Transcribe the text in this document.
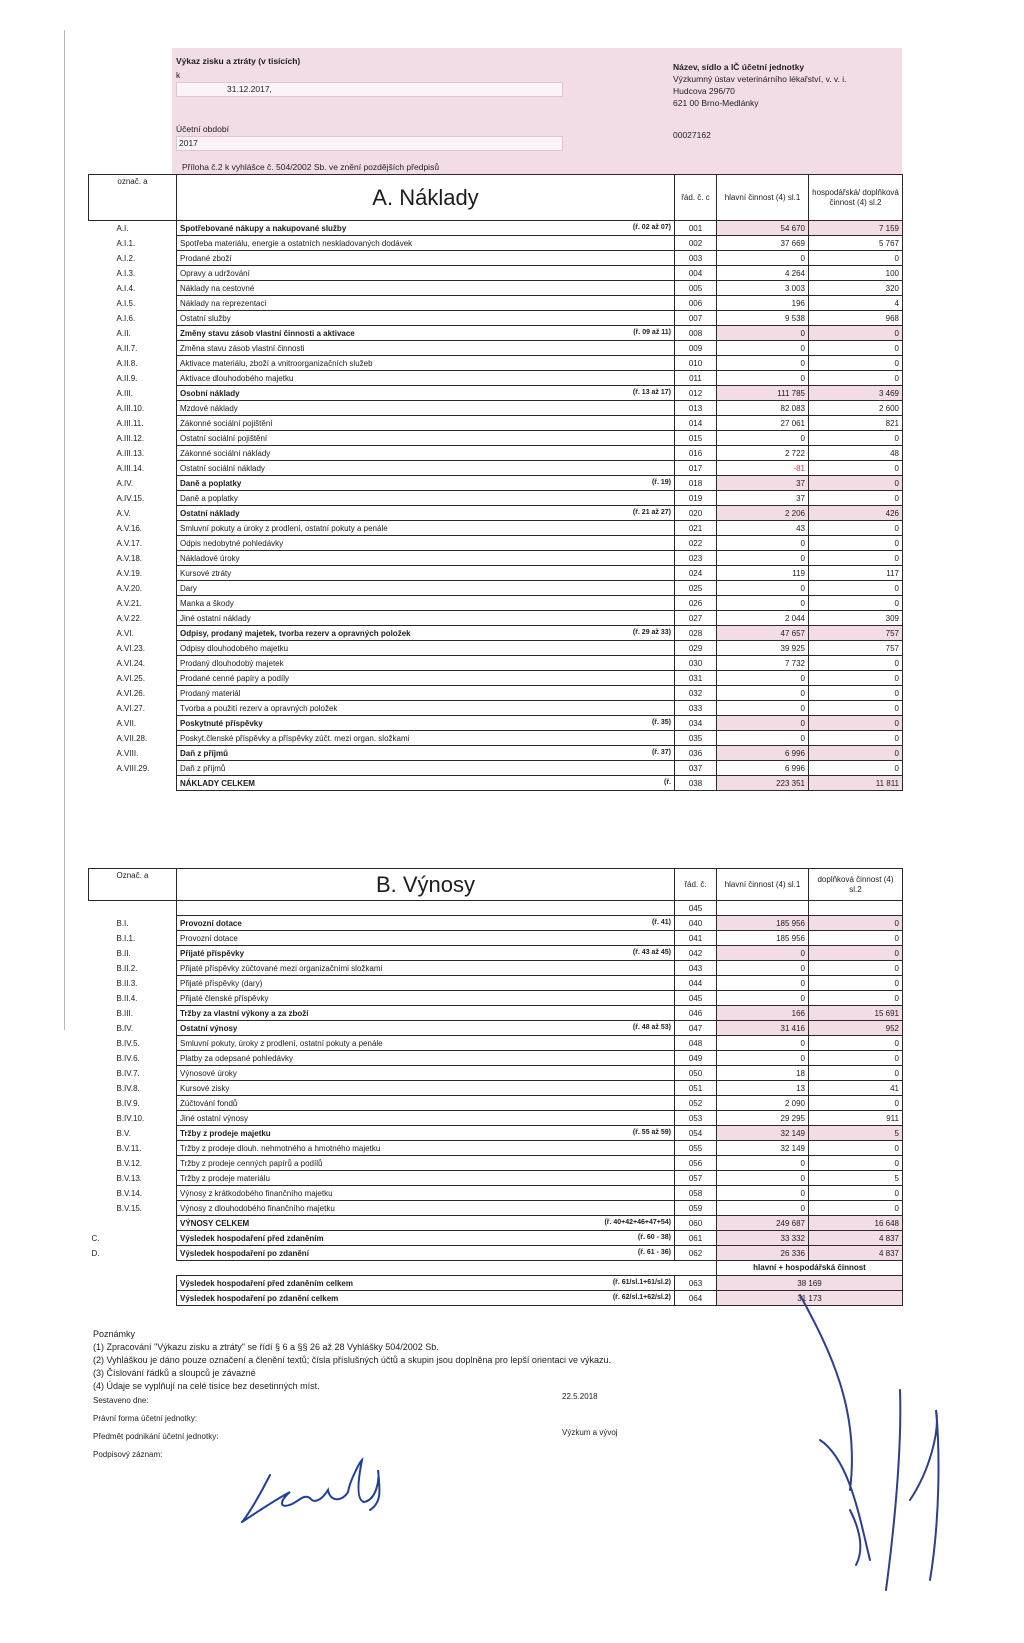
Výkaz zisku a ztráty (v tisících)
k
31.12.2017,
Účetní období
2017
Příloha č.2 k vyhlášce č. 504/2002 Sb. ve znění pozdějších předpisů
Název, sídlo a IČ účetní jednotky
Výzkumný ústav veterinárního lékařství, v. v. i.
Hudcova 296/70
621 00 Brno-Medlánky
00027162
označ. a	A. Náklady	řád. č. c	hlavní činnost (4) sl.1	hospodářská/ doplňková činnost (4) sl.2
A.I.	Spotřebované nákupy a nakupované služby (ř. 02 až 07)	001	54 670	7 159
A.I.1.	Spotřeba materiálu, energie a ostatních neskladovaných dodávek	002	37 669	5 767
A.I.2.	Prodané zboží	003	0	0
A.I.3.	Opravy a udržování	004	4 264	100
A.I.4.	Náklady na cestovné	005	3 003	320
A.I.5.	Náklady na reprezentaci	006	196	4
A.I.6.	Ostatní služby	007	9 538	968
A.II.	Změny stavu zásob vlastní činnosti a aktivace (ř. 09 až 11)	008	0	0
A.II.7.	Změna stavu zásob vlastní činnosti	009	0	0
A.II.8.	Aktivace materiálu, zboží a vnitroorganizačních služeb	010	0	0
A.II.9.	Aktivace dlouhodobého majetku	011	0	0
A.III.	Osobní náklady (ř. 13 až 17)	012	111 785	3 469
A.III.10.	Mzdové náklady	013	82 083	2 600
A.III.11.	Zákonné sociální pojištění	014	27 061	821
A.III.12.	Ostatní sociální pojištění	015	0	0
A.III.13.	Zákonné sociální náklady	016	2 722	48
A.III.14.	Ostatní sociální náklady	017	-81	0
A.IV.	Daně a poplatky (ř. 19)	018	37	0
A.IV.15.	Daně a poplatky	019	37	0
A.V.	Ostatní náklady (ř. 21 až 27)	020	2 206	426
A.V.16.	Smluvní pokuty a úroky z prodlení, ostatní pokuty a penále	021	43	0
A.V.17.	Odpis nedobytné pohledávky	022	0	0
A.V.18.	Nákladové úroky	023	0	0
A.V.19.	Kursové ztráty	024	119	117
A.V.20.	Dary	025	0	0
A.V.21.	Manka a škody	026	0	0
A.V.22.	Jiné ostatní náklady	027	2 044	309
A.VI.	Odpisy, prodaný majetek, tvorba rezerv a opravných položek (ř. 29 až 33)	028	47 657	757
A.VI.23.	Odpisy dlouhodobého majetku	029	39 925	757
A.VI.24.	Prodaný dlouhodobý majetek	030	7 732	0
A.VI.25.	Prodané cenné papíry a podíly	031	0	0
A.VI.26.	Prodaný materiál	032	0	0
A.VI.27.	Tvorba a použití rezerv a opravných položek	033	0	0
A.VII.	Poskytnuté příspěvky (ř. 35)	034	0	0
A.VII.28.	Poskyt.členské příspěvky a příspěvky zúčt. mezi organ. složkami	035	0	0
A.VIII.	Daň z příjmů (ř. 37)	036	6 996	0
A.VIII.29.	Daň z příjmů	037	6 996	0
	NÁKLADY CELKEM (ř.	038	223 351	11 811
Označ. a	B. Výnosy	řád. č.	hlavní činnost (4) sl.1	doplňková činnost (4) sl.2
		045		
B.I.	Provozní dotace (ř. 41)	040	185 956	0
B.I.1.	Provozní dotace	041	185 956	0
B.II.	Přijaté příspěvky (ř. 43 až 45)	042	0	0
B.II.2.	Přijaté příspěvky zúčtované mezi organizačními složkami	043	0	0
B.II.3.	Přijaté příspěvky (dary)	044	0	0
B.II.4.	Přijaté členské příspěvky	045	0	0
B.III.	Tržby za vlastní výkony a za zboží	046	166	15 691
B.IV.	Ostatní výnosy (ř. 48 až 53)	047	31 416	952
B.IV.5.	Smluvní pokuty, úroky z prodlení, ostatní pokuty a penále	048	0	0
B.IV.6.	Platby za odepsané pohledávky	049	0	0
B.IV.7.	Výnosové úroky	050	18	0
B.IV.8.	Kursové zisky	051	13	41
B.IV.9.	Zúčtování fondů	052	2 090	0
B.IV.10.	Jiné ostatní výnosy	053	29 295	911
B.V.	Tržby z prodeje majetku (ř. 55 až 59)	054	32 149	5
B.V.11.	Tržby z prodeje dlouh. nehmotného a hmotného majetku	055	32 149	0
B.V.12.	Tržby z prodeje cenných papírů a podílů	056	0	0
B.V.13.	Tržby z prodeje materiálu	057	0	5
B.V.14.	Výnosy z krátkodobého finančního majetku	058	0	0
B.V.15.	Výnosy z dlouhodobého finančního majetku	059	0	0
	VÝNOSY CELKEM (ř. 40+42+46+47+54)	060	249 687	16 648
C.	Výsledek hospodaření před zdaněním (ř. 60 - 38)	061	33 332	4 837
D.	Výsledek hospodaření po zdanění (ř. 61 - 36)	062	26 336	4 837
			hlavní + hospodářská činnost	
	Výsledek hospodaření před zdaněním celkem (ř. 61/sl.1+61/sl.2)	063	38 169	
	Výsledek hospodaření po zdanění celkem (ř. 62/sl.1+62/sl.2)	064	31 173	
Poznámky
(1) Zpracování "Výkazu zisku a ztráty" se řídí § 6 a §§ 26 až 28 Vyhlášky 504/2002 Sb.
(2) Vyhláškou je dáno pouze označení a členění textů; čísla příslušných účtů a skupin jsou doplněna pro lepší orientaci ve výkazu.
(3) Číslování řádků a sloupců je závazné
(4) Údaje se vyplňují na celé tisíce bez desetinných míst.
Sestaveno dne:	22.5.2018
Právní forma účetní jednotky:
Předmět podnikání účetní jednotky:	Výzkum a vývoj
Podpisový záznam:
